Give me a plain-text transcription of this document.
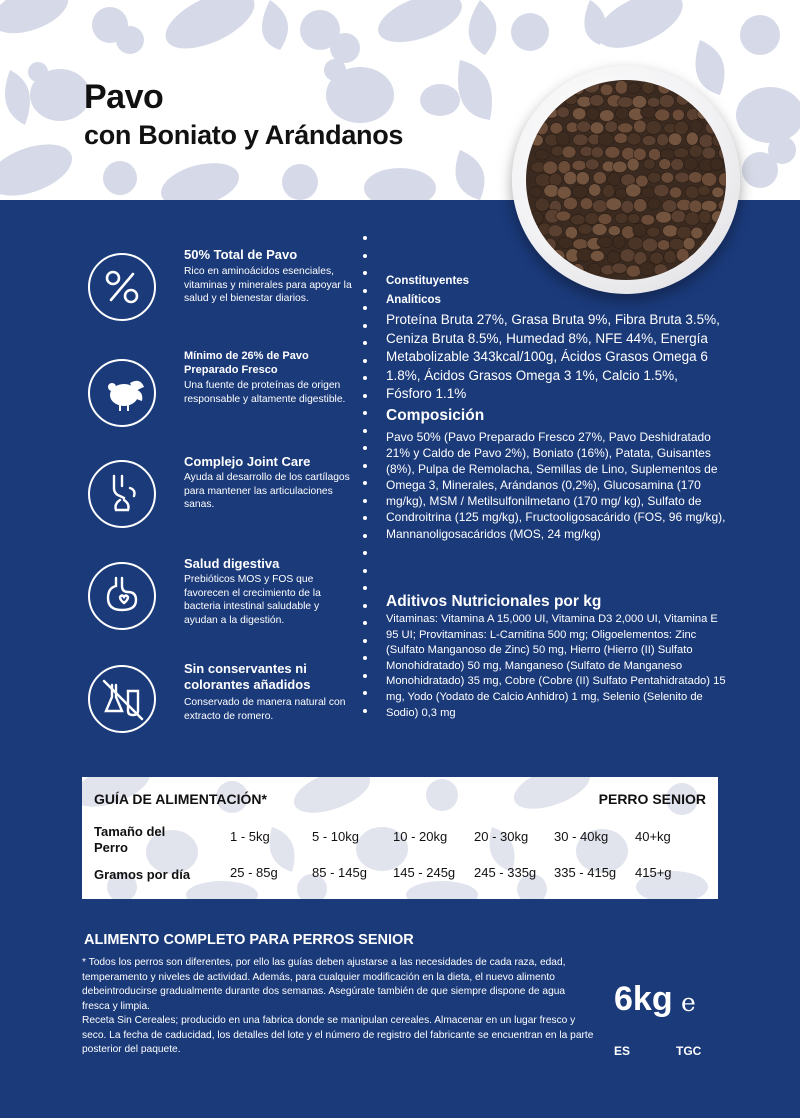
Pavo
con Boniato y Arándanos
50% Total de Pavo
Rico en aminoácidos esenciales, vitaminas y minerales para apoyar la salud y el bienestar diarios.
Mínimo de 26% de Pavo Preparado Fresco
Una fuente de proteínas de origen responsable y altamente digestible.
Complejo Joint Care
Ayuda al desarrollo de los cartílagos para mantener las articulaciones sanas.
Salud digestiva
Prebióticos MOS y FOS que favorecen el crecimiento de la bacteria intestinal saludable y ayudan a la digestión.
Sin conservantes ni colorantes añadidos
Conservado de manera natural con extracto de romero.
Constituyentes Analíticos
Proteína Bruta 27%, Grasa Bruta 9%, Fibra Bruta 3.5%, Ceniza Bruta 8.5%, Humedad 8%, NFE 44%, Energía Metabolizable 343kcal/100g, Ácidos Grasos Omega 6 1.8%, Ácidos Grasos Omega 3 1%, Calcio 1.5%, Fósforo 1.1%
Composición
Pavo 50% (Pavo Preparado Fresco 27%, Pavo Deshidratado 21% y Caldo de Pavo 2%), Boniato (16%), Patata, Guisantes (8%), Pulpa de Remolacha, Semillas de Lino, Suplementos de Omega 3, Minerales, Arándanos (0,2%), Glucosamina (170 mg/kg), MSM / Metilsulfonilmetano (170 mg/ kg), Sulfato de Condroitrina (125 mg/kg), Fructooligosacárido (FOS, 96 mg/kg), Mannanoligosacáridos (MOS, 24 mg/kg)
Aditivos Nutricionales por kg
Vitaminas: Vitamina A 15,000 UI, Vitamina D3 2,000 UI, Vitamina E 95 UI; Provitaminas: L-Carnitina 500 mg; Oligoelementos: Zinc (Sulfato Manganoso de Zinc) 50 mg, Hierro (Hierro (II) Sulfato Monohidratado) 50 mg, Manganeso (Sulfato de Manganeso Monohidratado) 35 mg, Cobre (Cobre (II) Sulfato Pentahidratado) 15 mg, Yodo (Yodato de Calcio Anhidro) 1 mg, Selenio (Selenito de Sodio) 0,3 mg
GUÍA DE ALIMENTACIÓN*	PERRO SENIOR
Tamaño del Perro
Gramos por día
1 - 5kg	5 - 10kg	10 - 20kg 20 - 30kg 30 - 40kg 40+kg
25 - 85g	85 - 145g 145 - 245g 245 - 335g 335 - 415g 415+g
ALIMENTO COMPLETO PARA PERROS SENIOR
* Todos los perros son diferentes, por ello las guías deben ajustarse a las necesidades de cada raza, edad, temperamento y niveles de actividad. Además, para cualquier modificación en la dieta, el nuevo alimento debeintroducirse gradualmente durante dos semanas. Asegúrate también de que siempre dispone de agua fresca y limpia.
Receta Sin Cereales; producido en una fabrica donde se manipulan cereales. Almacenar en un lugar fresco y seco. La fecha de caducidad, los detalles del lote y el número de registro del fabricante se encuentran en la parte posterior del paquete.
6kg e
ES	TGC
